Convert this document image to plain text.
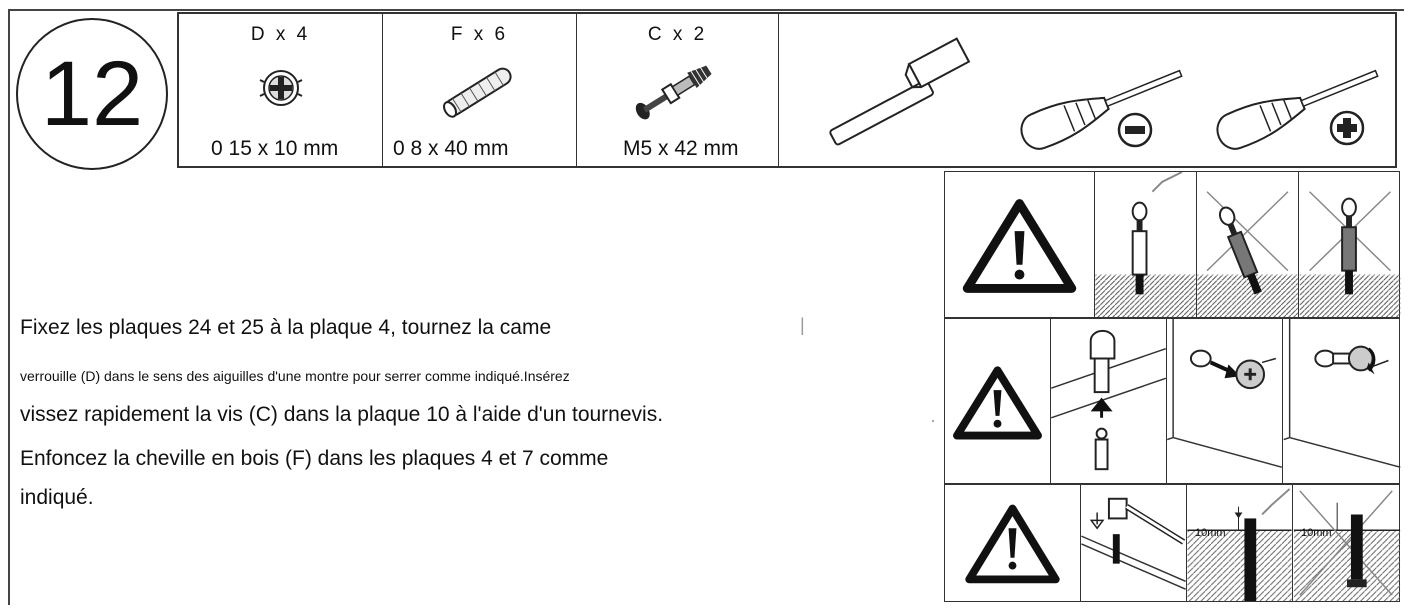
12
D x 4
0 15 x 10 mm
F x 6
0 8 x 40 mm
C x 2
M5 x 42 mm
Fixez les plaques 24 et 25 à la plaque 4, tournez la came
verrouille (D) dans le sens des aiguilles d'une montre pour serrer comme indiqué.Insérez
vissez rapidement la vis (C) dans la plaque 10 à l'aide d'un tournevis.
Enfoncez la cheville en bois (F) dans les plaques 4 et 7 comme
indiqué.
|
·
10mm	10mm
